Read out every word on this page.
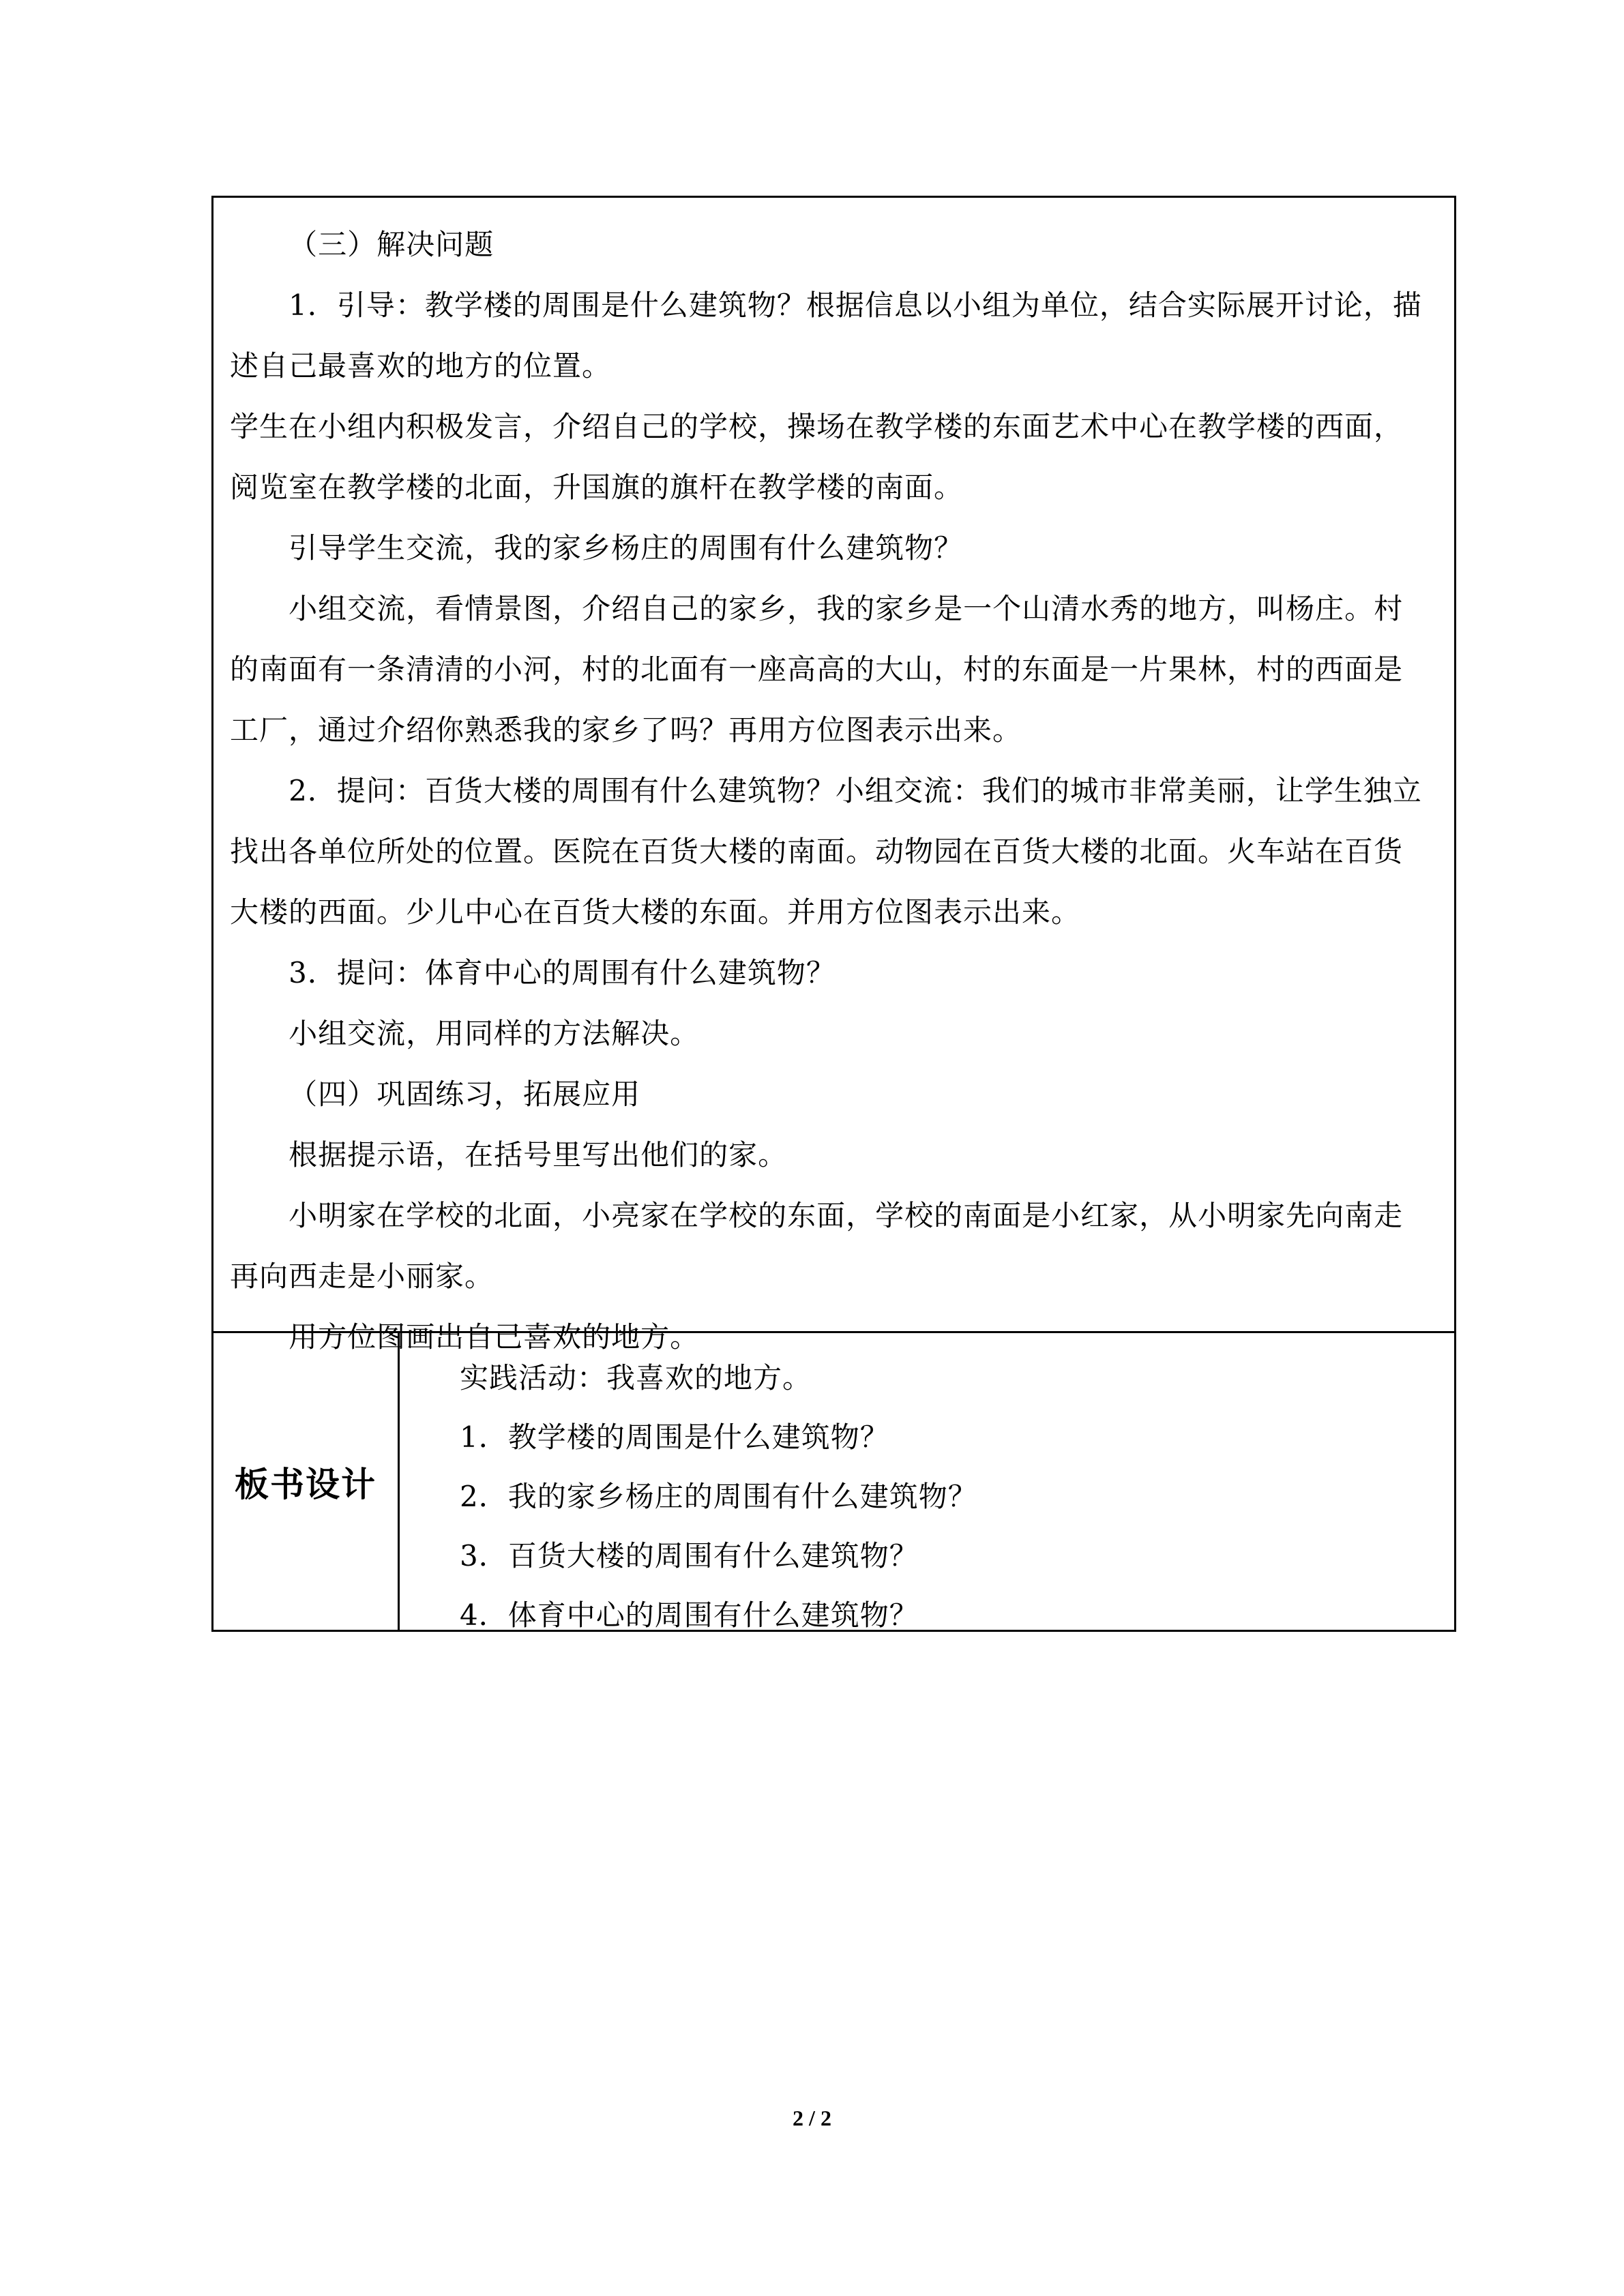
（三）解决问题

1．引导：教学楼的周围是什么建筑物？根据信息以小组为单位，结合实际展开讨论，描述自己最喜欢的地方的位置。

学生在小组内积极发言，介绍自己的学校，操场在教学楼的东面艺术中心在教学楼的西面，阅览室在教学楼的北面，升国旗的旗杆在教学楼的南面。

引导学生交流，我的家乡杨庄的周围有什么建筑物？

小组交流，看情景图，介绍自己的家乡，我的家乡是一个山清水秀的地方，叫杨庄。村的南面有一条清清的小河，村的北面有一座高高的大山，村的东面是一片果林，村的西面是工厂，通过介绍你熟悉我的家乡了吗？再用方位图表示出来。

2．提问：百货大楼的周围有什么建筑物？小组交流：我们的城市非常美丽，让学生独立找出各单位所处的位置。医院在百货大楼的南面。动物园在百货大楼的北面。火车站在百货大楼的西面。少儿中心在百货大楼的东面。并用方位图表示出来。

3．提问：体育中心的周围有什么建筑物？

小组交流，用同样的方法解决。

（四）巩固练习，拓展应用

根据提示语，在括号里写出他们的家。

小明家在学校的北面，小亮家在学校的东面，学校的南面是小红家，从小明家先向南走再向西走是小丽家。

用方位图画出自己喜欢的地方。

板书设计

实践活动：我喜欢的地方。

1．教学楼的周围是什么建筑物？

2．我的家乡杨庄的周围有什么建筑物？

3．百货大楼的周围有什么建筑物？

4．体育中心的周围有什么建筑物？

2 / 2
